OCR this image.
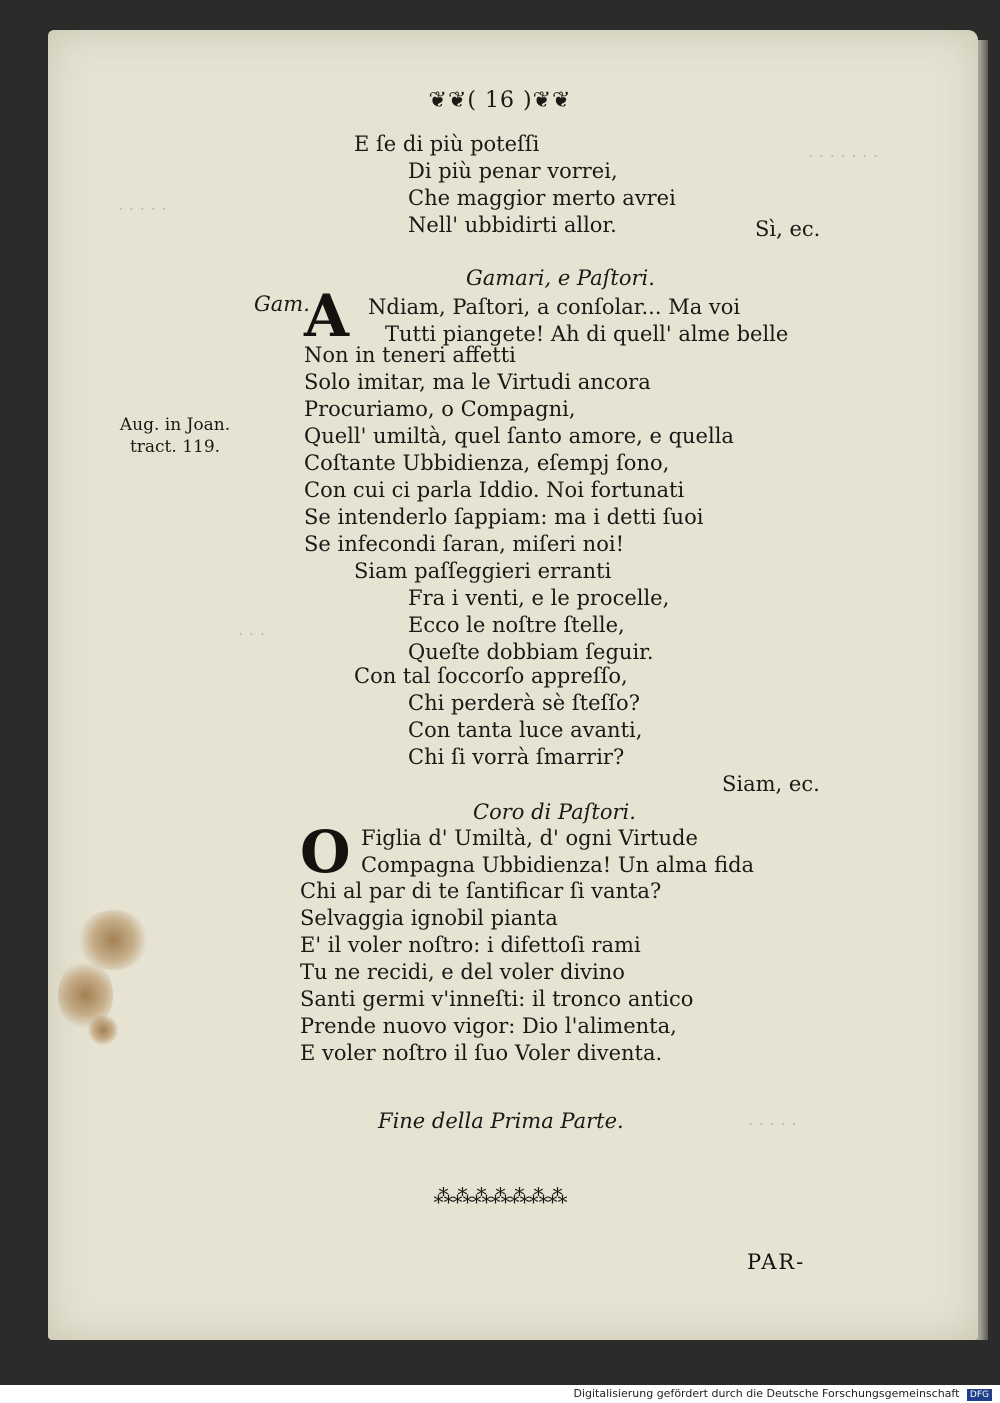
. . . . . . .
. . . . .
. . .
. . . . .
❦❦( 16 )❦❦
E ſe di più poteſſi
Di più penar vorrei,
Che maggior merto avrei
Nell' ubbidirti allor.	Sì, ec.
Gamari, e Paſtori.
Gam.
A Ndiam, Paſtori, a conſolar... Ma voi
Tutti piangete! Ah di quell' alme belle
Non in teneri affetti
Solo imitar, ma le Virtudi ancora
Procuriamo, o Compagni,
Quell' umiltà, quel ſanto amore, e quella
Coſtante Ubbidienza, eſempj ſono,
Con cui ci parla Iddio. Noi fortunati
Se intenderlo ſappiam: ma i detti ſuoi
Se infecondi ſaran, miſeri noi!
Aug. in Joan.
tract. 119.
Siam paſſeggieri erranti
Fra i venti, e le procelle,
Ecco le noſtre ſtelle,
Queſte dobbiam ſeguir.
Con tal ſoccorſo appreſſo,
Chi perderà sè ſteſſo?
Con tanta luce avanti,
Chi ſi vorrà ſmarrir?
Siam, ec.
Coro di Paſtori.
O Figlia d' Umiltà, d' ogni Virtude
Compagna Ubbidienza! Un alma fida
Chi al par di te ſantificar ſi vanta?
Selvaggia ignobil pianta
E' il voler noſtro: i difettoſi rami
Tu ne recidi, e del voler divino
Santi germi v'inneſti: il tronco antico
Prende nuovo vigor: Dio l'alimenta,
E voler noſtro il ſuo Voler diventa.
Fine della Prima Parte.
⁂⁂⁂⁂⁂⁂⁂
PAR-
Digitalisierung gefördert durch die Deutsche Forschungsgemeinschaft DFG
